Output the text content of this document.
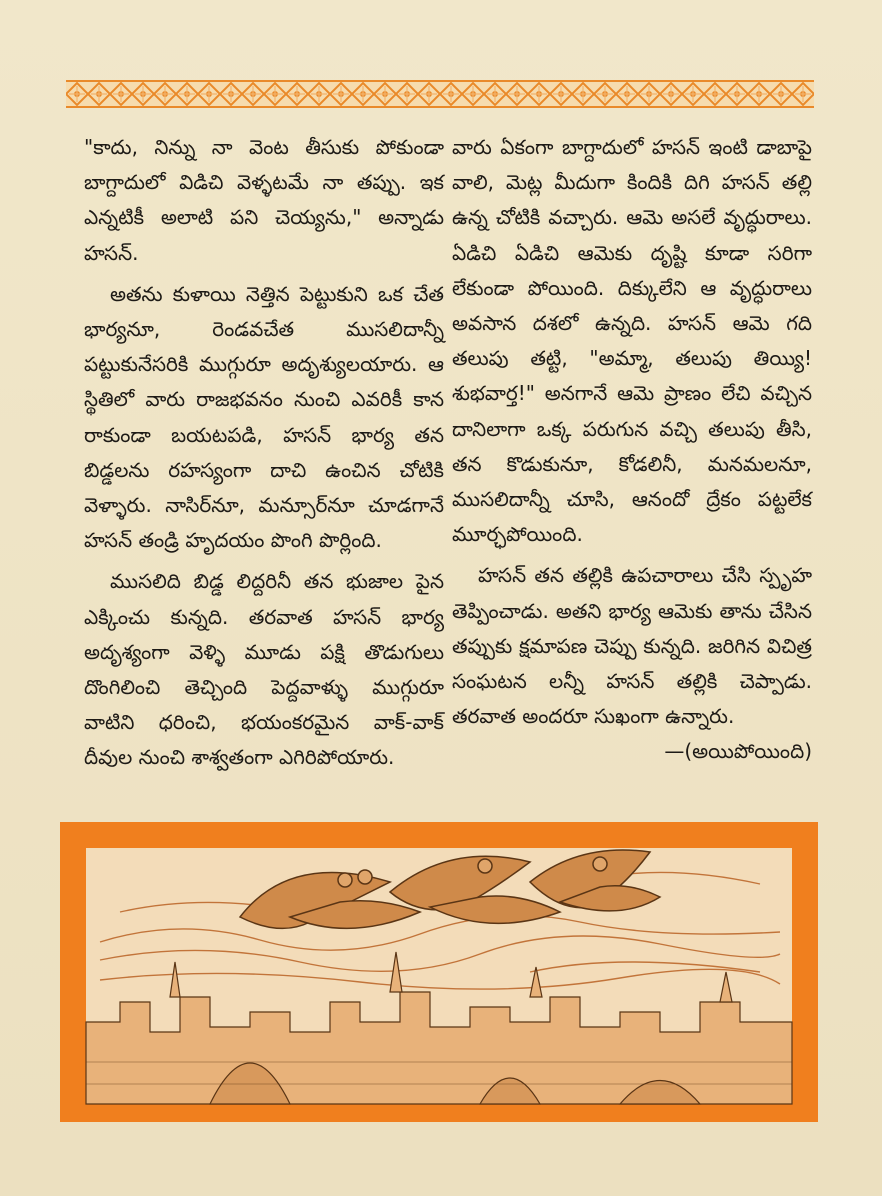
"కాదు, నిన్ను నా వెంట తీసుకు పోకుండా బాగ్దాదులో విడిచి వెళ్ళటమే నా తప్పు. ఇక ఎన్నటికీ అలాటి పని చెయ్యను," అన్నాడు హసన్.

అతను కుళాయి నెత్తిన పెట్టుకుని ఒక చేత భార్యనూ, రెండవచేత ముసలిదాన్నీ పట్టుకునేసరికి ముగ్గురూ అదృశ్యులయారు. ఆ స్థితిలో వారు రాజభవనం నుంచి ఎవరికీ కాన రాకుండా బయటపడి, హసన్ భార్య తన బిడ్డలను రహస్యంగా దాచి ఉంచిన చోటికి వెళ్ళారు. నాసిర్‌నూ, మన్సూర్‌నూ చూడగానే హసన్ తండ్రి హృదయం పొంగి పొర్లింది.

ముసలిది బిడ్డ లిద్దరినీ తన భుజాల పైన ఎక్కించు కున్నది. తరవాత హసన్ భార్య అదృశ్యంగా వెళ్ళి మూడు పక్షి తొడుగులు దొంగిలించి తెచ్చింది పెద్దవాళ్ళు ముగ్గురూ వాటిని ధరించి, భయంకరమైన వాక్-వాక్ దీవుల నుంచి శాశ్వతంగా ఎగిరిపోయారు.

వారు ఏకంగా బాగ్దాదులో హసన్ ఇంటి డాబాపై వాలి, మెట్ల మీదుగా కిందికి దిగి హసన్ తల్లి ఉన్న చోటికి వచ్చారు. ఆమె అసలే వృద్ధురాలు. ఏడిచి ఏడిచి ఆమెకు దృష్టి కూడా సరిగా లేకుండా పోయింది. దిక్కులేని ఆ వృద్ధురాలు అవసాన దశలో ఉన్నది. హసన్ ఆమె గది తలుపు తట్టి, "అమ్మా, తలుపు తియ్యి! శుభవార్త!" అనగానే ఆమె ప్రాణం లేచి వచ్చిన దానిలాగా ఒక్క పరుగున వచ్చి తలుపు తీసి, తన కొడుకునూ, కోడలినీ, మనమలనూ, ముసలిదాన్నీ చూసి, ఆనందో ద్రేకం పట్టలేక మూర్ఛపోయింది.

హసన్ తన తల్లికి ఉపచారాలు చేసి స్పృహ తెప్పించాడు. అతని భార్య ఆమెకు తాను చేసిన తప్పుకు క్షమాపణ చెప్పు కున్నది. జరిగిన విచిత్ర సంఘటన లన్నీ హసన్ తల్లికి చెప్పాడు. తరవాత అందరూ సుఖంగా ఉన్నారు.
—(అయిపోయింది)
